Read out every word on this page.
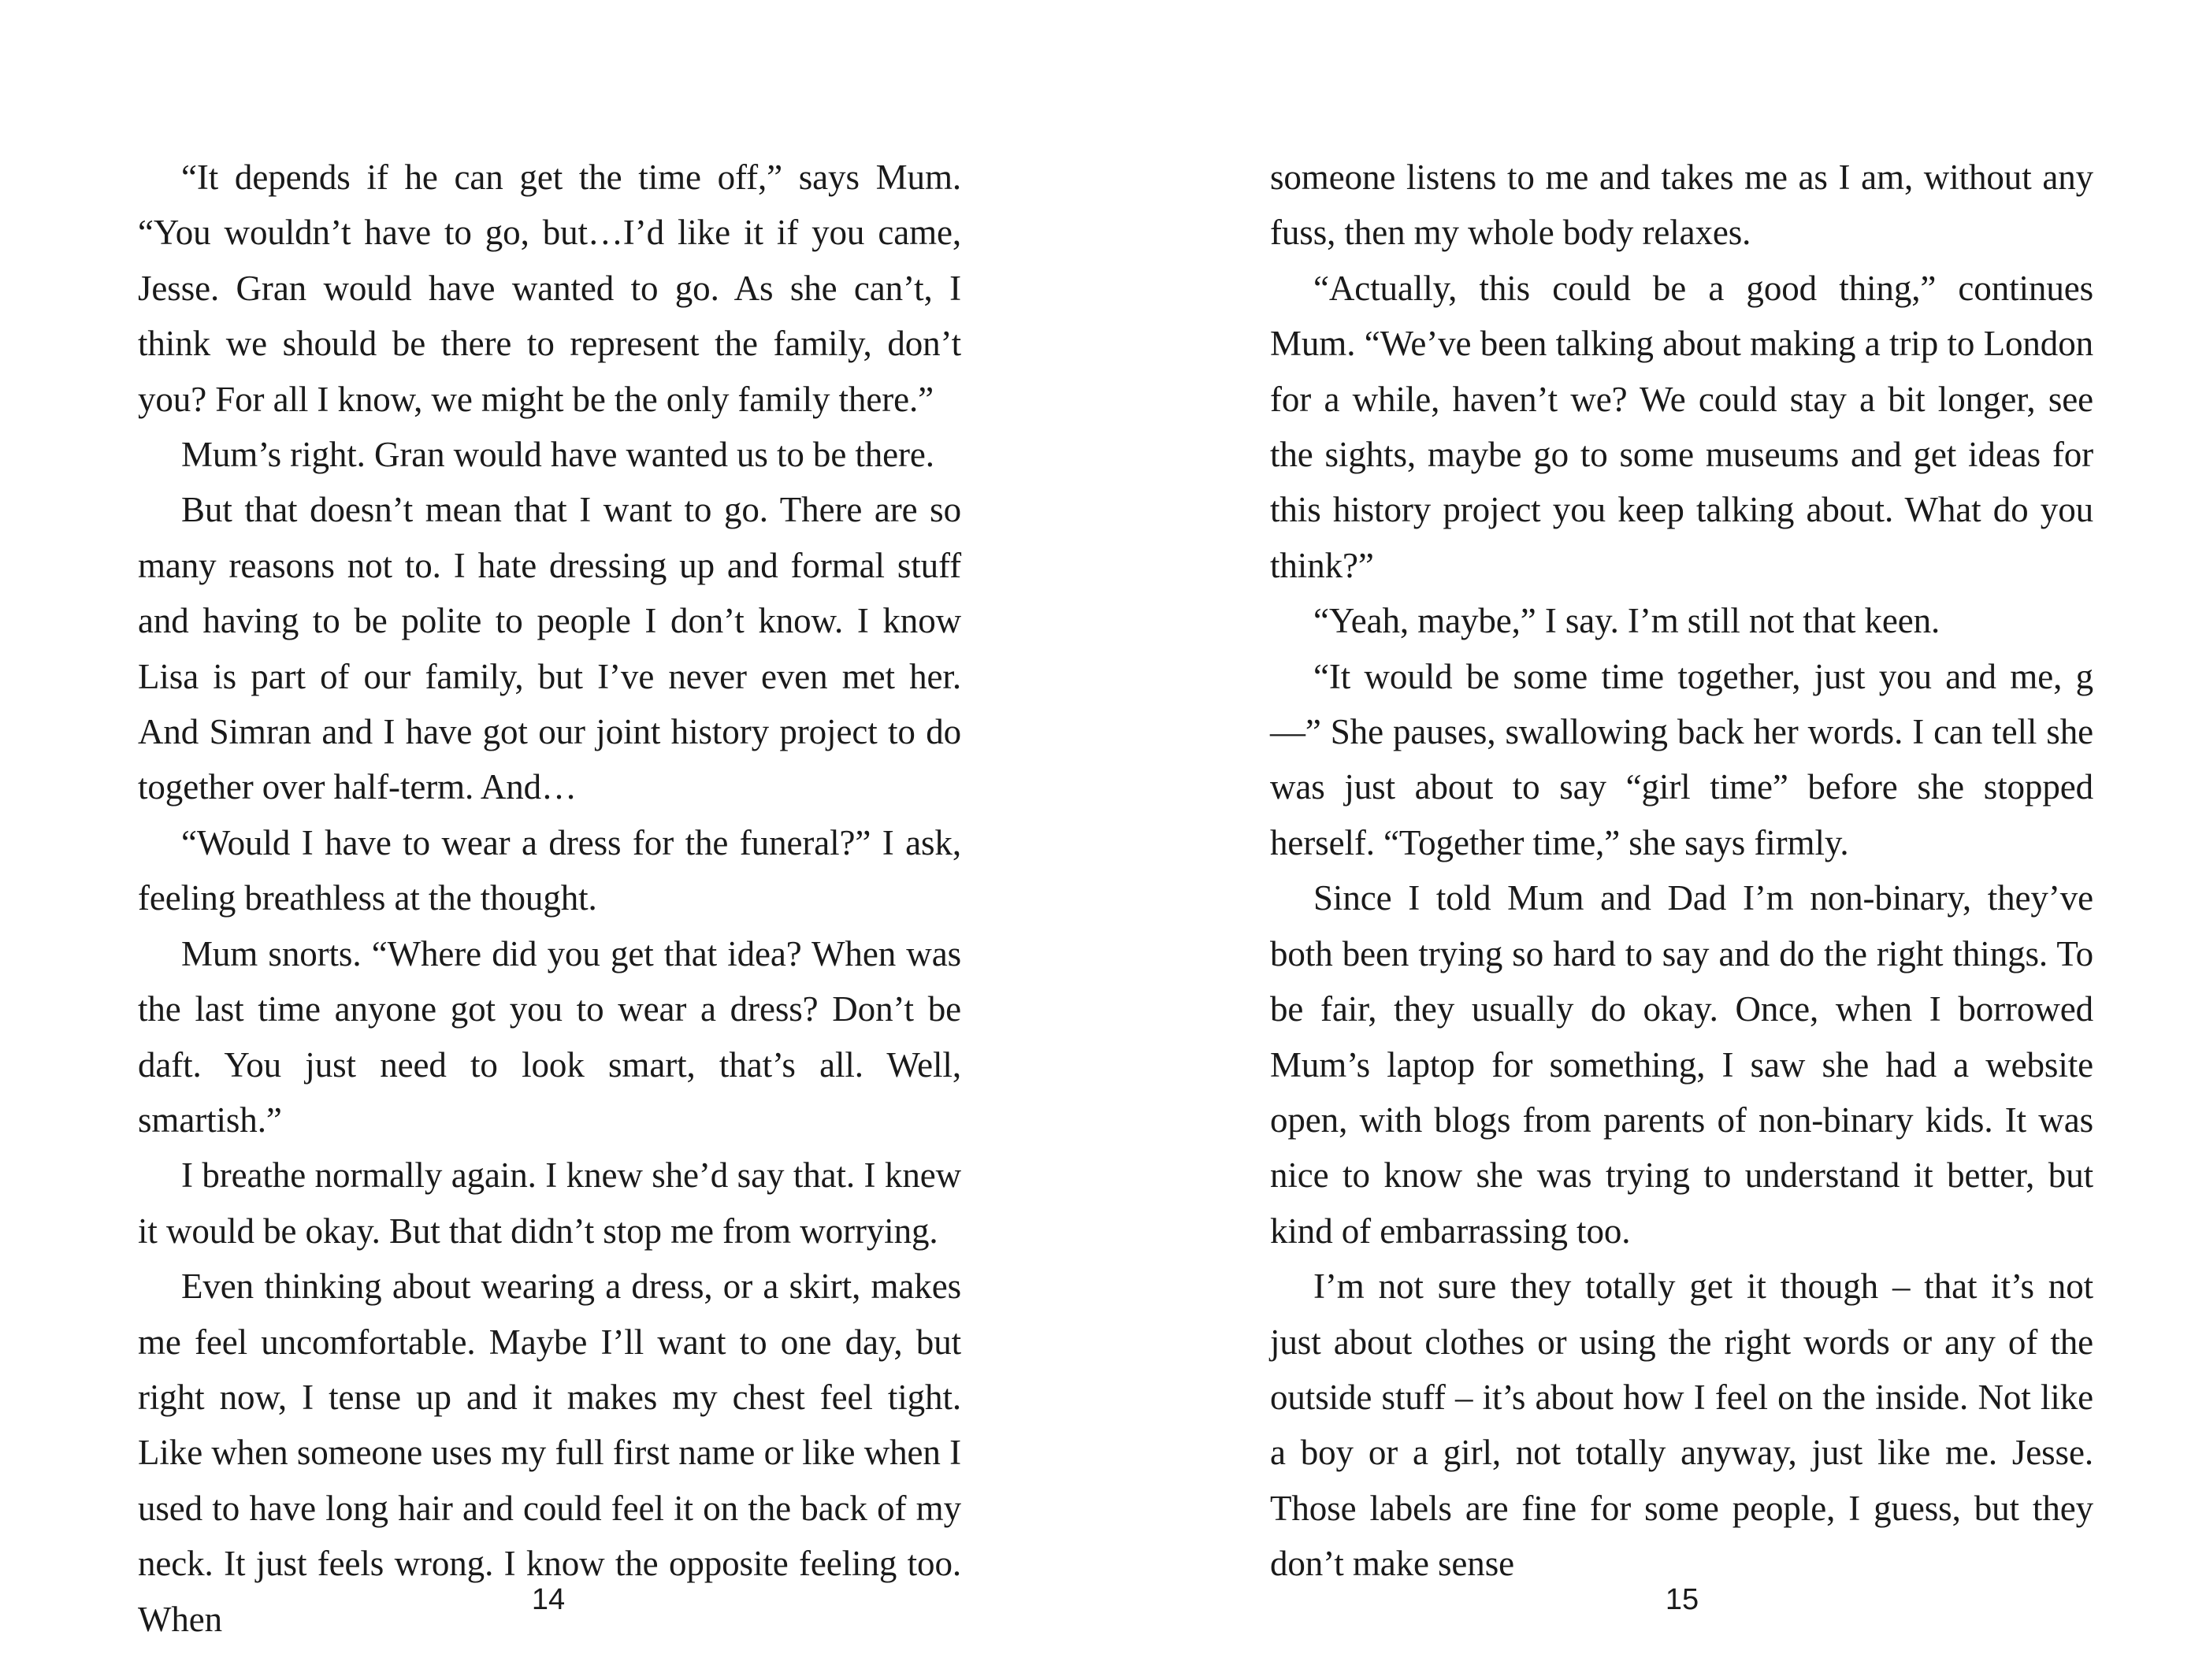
“It depends if he can get the time off,” says Mum. “You wouldn’t have to go, but…I’d like it if you came, Jesse. Gran would have wanted to go. As she can’t, I think we should be there to represent the family, don’t you? For all I know, we might be the only family there.”

Mum’s right. Gran would have wanted us to be there.

But that doesn’t mean that I want to go. There are so many reasons not to. I hate dressing up and formal stuff and having to be polite to people I don’t know. I know Lisa is part of our family, but I’ve never even met her. And Simran and I have got our joint history project to do together over half-term. And…

“Would I have to wear a dress for the funeral?” I ask, feeling breathless at the thought.

Mum snorts. “Where did you get that idea? When was the last time anyone got you to wear a dress? Don’t be daft. You just need to look smart, that’s all. Well, smartish.”

I breathe normally again. I knew she’d say that. I knew it would be okay. But that didn’t stop me from worrying.

Even thinking about wearing a dress, or a skirt, makes me feel uncomfortable. Maybe I’ll want to one day, but right now, I tense up and it makes my chest feel tight. Like when someone uses my full first name or like when I used to have long hair and could feel it on the back of my neck. It just feels wrong. I know the opposite feeling too. When

someone listens to me and takes me as I am, without any fuss, then my whole body relaxes.

“Actually, this could be a good thing,” continues Mum. “We’ve been talking about making a trip to London for a while, haven’t we? We could stay a bit longer, see the sights, maybe go to some museums and get ideas for this history project you keep talking about. What do you think?”

“Yeah, maybe,” I say. I’m still not that keen.

“It would be some time together, just you and me, g—” She pauses, swallowing back her words. I can tell she was just about to say “girl time” before she stopped herself. “Together time,” she says firmly.

Since I told Mum and Dad I’m non-binary, they’ve both been trying so hard to say and do the right things. To be fair, they usually do okay. Once, when I borrowed Mum’s laptop for something, I saw she had a website open, with blogs from parents of non-binary kids. It was nice to know she was trying to understand it better, but kind of embarrassing too.

I’m not sure they totally get it though – that it’s not just about clothes or using the right words or any of the outside stuff – it’s about how I feel on the inside. Not like a boy or a girl, not totally anyway, just like me. Jesse. Those labels are fine for some people, I guess, but they don’t make sense

14	15
